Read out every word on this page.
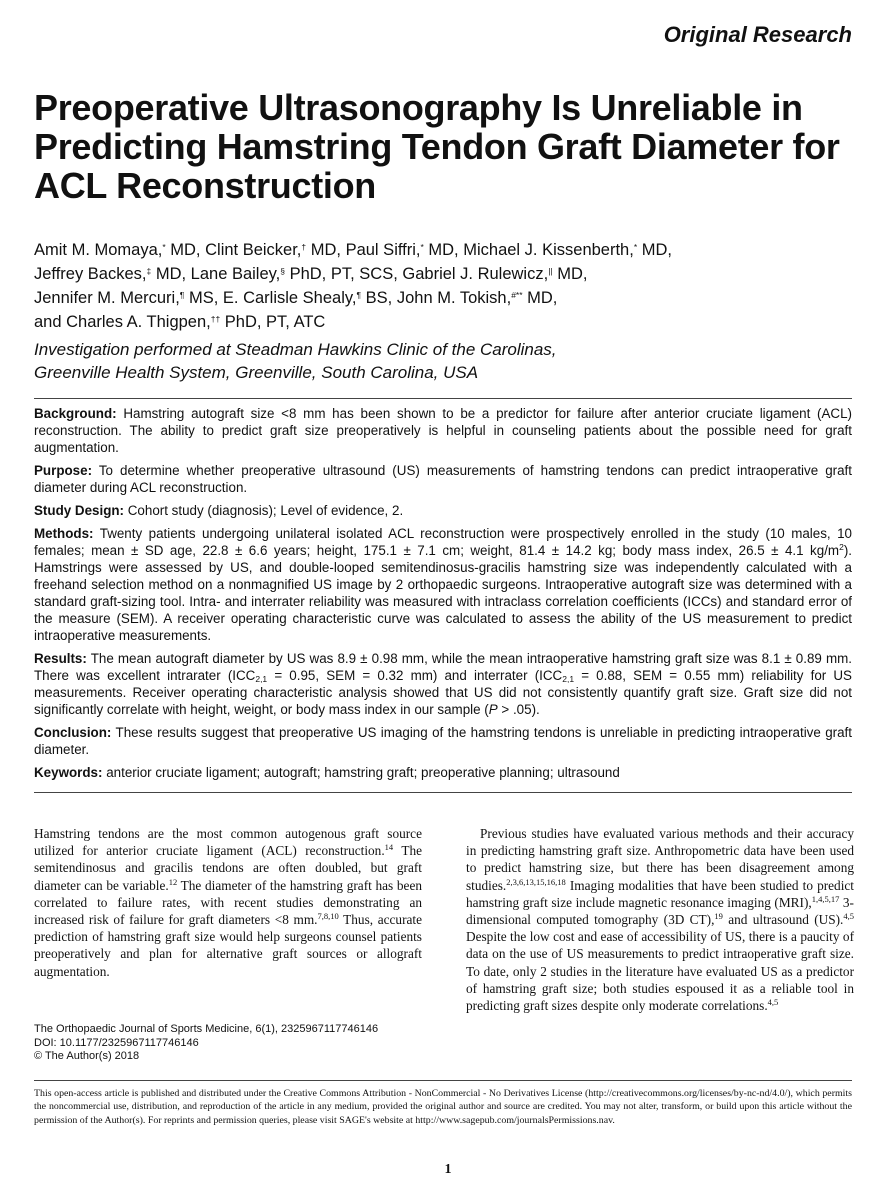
Original Research
Preoperative Ultrasonography Is Unreliable in Predicting Hamstring Tendon Graft Diameter for ACL Reconstruction
Amit M. Momaya,* MD, Clint Beicker,† MD, Paul Siffri,* MD, Michael J. Kissenberth,* MD,
Jeffrey Backes,‡ MD, Lane Bailey,§ PhD, PT, SCS, Gabriel J. Rulewicz,|| MD,
Jennifer M. Mercuri,¶ MS, E. Carlisle Shealy,¶ BS, John M. Tokish,#** MD,
and Charles A. Thigpen,†† PhD, PT, ATC
Investigation performed at Steadman Hawkins Clinic of the Carolinas,
Greenville Health System, Greenville, South Carolina, USA

Background: Hamstring autograft size <8 mm has been shown to be a predictor for failure after anterior cruciate ligament (ACL) reconstruction. The ability to predict graft size preoperatively is helpful in counseling patients about the possible need for graft augmentation.

Purpose: To determine whether preoperative ultrasound (US) measurements of hamstring tendons can predict intraoperative graft diameter during ACL reconstruction.

Study Design: Cohort study (diagnosis); Level of evidence, 2.

Methods: Twenty patients undergoing unilateral isolated ACL reconstruction were prospectively enrolled in the study (10 males, 10 females; mean ± SD age, 22.8 ± 6.6 years; height, 175.1 ± 7.1 cm; weight, 81.4 ± 14.2 kg; body mass index, 26.5 ± 4.1 $kg/m^2$). Hamstrings were assessed by US, and double-looped semitendinosus-gracilis hamstring size was independently calculated with a freehand selection method on a nonmagnified US image by 2 orthopaedic surgeons. Intraoperative autograft size was determined with a standard graft-sizing tool. Intra- and interrater reliability was measured with intraclass correlation coefficients (ICCs) and standard error of the measure (SEM). A receiver operating characteristic curve was calculated to assess the ability of the US measurement to predict intraoperative measurements.

Results: The mean autograft diameter by US was 8.9 ± 0.98 mm, while the mean intraoperative hamstring graft size was 8.1 ± 0.89 mm. There was excellent intrarater ($ICC_{2,1} = 0.95$, SEM = 0.32 mm) and interrater ($ICC_{2,1} = 0.88$, SEM = 0.55 mm) reliability for US measurements. Receiver operating characteristic analysis showed that US did not consistently quantify graft size. Graft size did not significantly correlate with height, weight, or body mass index in our sample (P > .05).

Conclusion: These results suggest that preoperative US imaging of the hamstring tendons is unreliable in predicting intraoperative graft diameter.

Keywords: anterior cruciate ligament; autograft; hamstring graft; preoperative planning; ultrasound

Hamstring tendons are the most common autogenous graft source utilized for anterior cruciate ligament (ACL) reconstruction.$^{14}$ The semitendinosus and gracilis tendons are often doubled, but graft diameter can be variable.$^{12}$ The diameter of the hamstring graft has been correlated to failure rates, with recent studies demonstrating an increased risk of failure for graft diameters <8 mm.$^{7,8,10}$ Thus, accurate prediction of hamstring graft size would help surgeons counsel patients preoperatively and plan for alternative graft sources or allograft augmentation.

Previous studies have evaluated various methods and their accuracy in predicting hamstring graft size. Anthropometric data have been used to predict hamstring size, but there has been disagreement among studies.$^{2,3,6,13,15,16,18}$ Imaging modalities that have been studied to predict hamstring graft size include magnetic resonance imaging (MRI),$^{1,4,5,17}$ 3-dimensional computed tomography (3D CT),$^{19}$ and ultrasound (US).$^{4,5}$ Despite the low cost and ease of accessibility of US, there is a paucity of data on the use of US measurements to predict intraoperative graft size. To date, only 2 studies in the literature have evaluated US as a predictor of hamstring graft size; both studies espoused it as a reliable tool in predicting graft sizes despite only moderate correlations.$^{4,5}$

The Orthopaedic Journal of Sports Medicine, 6(1), 2325967117746146
DOI: 10.1177/2325967117746146
© The Author(s) 2018
This open-access article is published and distributed under the Creative Commons Attribution - NonCommercial - No Derivatives License (http://creativecommons.org/licenses/by-nc-nd/4.0/), which permits the noncommercial use, distribution, and reproduction of the article in any medium, provided the original author and source are credited. You may not alter, transform, or build upon this article without the permission of the Author(s). For reprints and permission queries, please visit SAGE's website at http://www.sagepub.com/journalsPermissions.nav.
1
